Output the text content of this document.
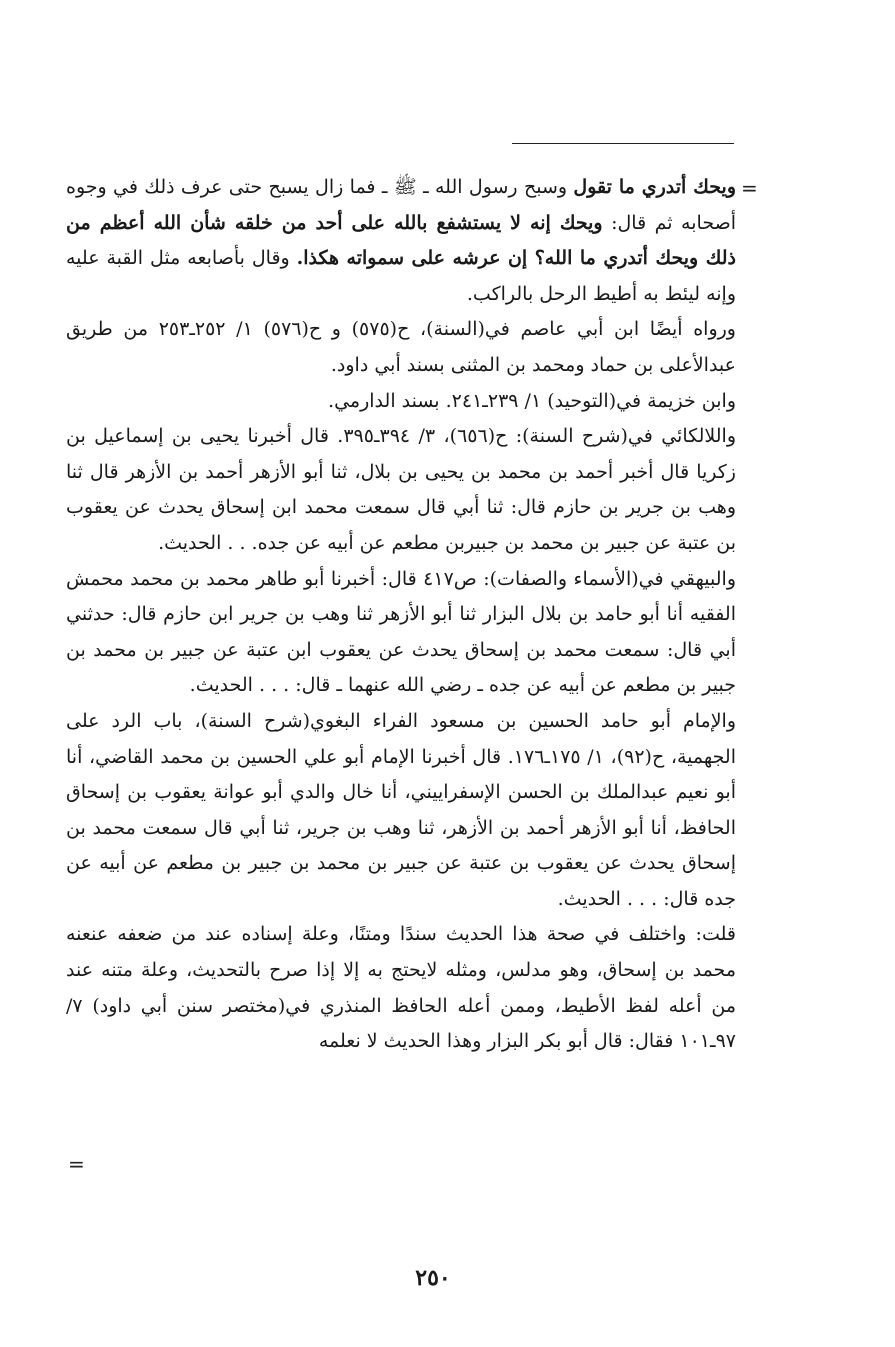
=

ويحك أتدري ما تقول وسبح رسول الله ـ ﷺ ـ فما زال يسبح حتى عرف ذلك في وجوه أصحابه ثم قال: ويحك إنه لا يستشفع بالله على أحد من خلقه شأن الله أعظم من ذلك ويحك أتدري ما الله؟ إن عرشه على سمواته هكذا. وقال بأصابعه مثل القبة عليه وإنه ليئط به أطيط الرحل بالراكب.

ورواه أيضًا ابن أبي عاصم في(السنة)، ح(٥٧٥) و ح(٥٧٦) ١/ ٢٥٢ـ٢٥٣ من طريق عبدالأعلى بن حماد ومحمد بن المثنى بسند أبي داود.

وابن خزيمة في(التوحيد) ١/ ٢٣٩ـ٢٤١. بسند الدارمي.

واللالكائي في(شرح السنة): ح(٦٥٦)، ٣/ ٣٩٤ـ٣٩٥. قال أخبرنا يحيى بن إسماعيل بن زكريا قال أخبر أحمد بن محمد بن يحيى بن بلال، ثنا أبو الأزهر أحمد بن الأزهر قال ثنا وهب بن جرير بن حازم قال: ثنا أبي قال سمعت محمد ابن إسحاق يحدث عن يعقوب بن عتبة عن جبير بن محمد بن جبيربن مطعم عن أبيه عن جده. . . الحديث.

والبيهقي في(الأسماء والصفات): ص٤١٧ قال: أخبرنا أبو طاهر محمد بن محمد محمش الفقيه أنا أبو حامد بن بلال البزار ثنا أبو الأزهر ثنا وهب بن جرير ابن حازم قال: حدثني أبي قال: سمعت محمد بن إسحاق يحدث عن يعقوب ابن عتبة عن جبير بن محمد بن جبير بن مطعم عن أبيه عن جده ـ رضي الله عنهما ـ قال: . . . الحديث.

والإمام أبو حامد الحسين بن مسعود الفراء البغوي(شرح السنة)، باب الرد على الجهمية، ح(٩٢)، ١/ ١٧٥ـ١٧٦. قال أخبرنا الإمام أبو علي الحسين بن محمد القاضي، أنا أبو نعيم عبدالملك بن الحسن الإسفراييني، أنا خال والدي أبو عوانة يعقوب بن إسحاق الحافظ، أنا أبو الأزهر أحمد بن الأزهر، ثنا وهب بن جرير، ثنا أبي قال سمعت محمد بن إسحاق يحدث عن يعقوب بن عتبة عن جبير بن محمد بن جبير بن مطعم عن أبيه عن جده قال: . . . الحديث.

قلت: واختلف في صحة هذا الحديث سندًا ومتنًا، وعلة إسناده عند من ضعفه عنعنه محمد بن إسحاق، وهو مدلس، ومثله لايحتج به إلا إذا صرح بالتحديث، وعلة متنه عند من أعله لفظ الأطيط، وممن أعله الحافظ المنذري في(مختصر سنن أبي داود) ٧/ ٩٧ـ١٠١ فقال: قال أبو بكر البزار وهذا الحديث لا نعلمه

=
٢٥٠
